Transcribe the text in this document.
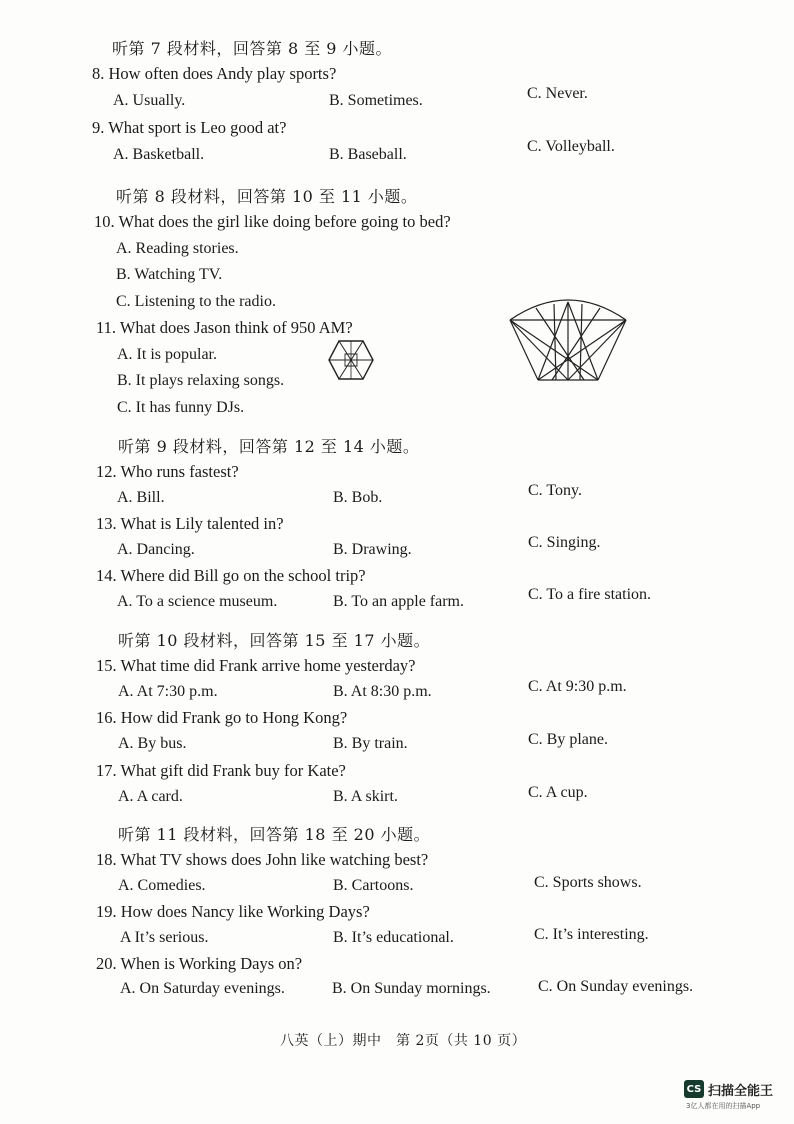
听第 7 段材料，回答第 8 至 9 小题。
听第 8 段材料，回答第 10 至 11 小题。
听第 9 段材料，回答第 12 至 14 小题。
听第 10 段材料，回答第 15 至 17 小题。
听第 11 段材料，回答第 18 至 20 小题。
8. How often does Andy play sports?
A. Usually.	B. Sometimes.	C. Never.
9. What sport is Leo good at?
A. Basketball.	B. Baseball.	C. Volleyball.
10. What does the girl like doing before going to bed?
A. Reading stories.
B. Watching TV.
C. Listening to the radio.
11. What does Jason think of 950 AM?
A. It is popular.
B. It plays relaxing songs.
C. It has funny DJs.
12. Who runs fastest?
A. Bill.	B. Bob.	C. Tony.
13. What is Lily talented in?
A. Dancing.	B. Drawing.	C. Singing.
14. Where did Bill go on the school trip?
A. To a science museum.	B. To an apple farm.	C. To a fire station.
15. What time did Frank arrive home yesterday?
A. At 7:30 p.m.	B. At 8:30 p.m.	C. At 9:30 p.m.
16. How did Frank go to Hong Kong?
A. By bus.	B. By train.	C. By plane.
17. What gift did Frank buy for Kate?
A. A card.	B. A skirt.	C. A cup.
18. What TV shows does John like watching best?
A. Comedies.	B. Cartoons.	C. Sports shows.
19. How does Nancy like Working Days?
A It’s serious.	B. It’s educational.	C. It’s interesting.
20. When is Working Days on?
A. On Saturday evenings.	B. On Sunday mornings.	C. On Sunday evenings.
八英（上）期中　第 2页（共 10 页）
CS 扫描全能王
3亿人都在用的扫描App
